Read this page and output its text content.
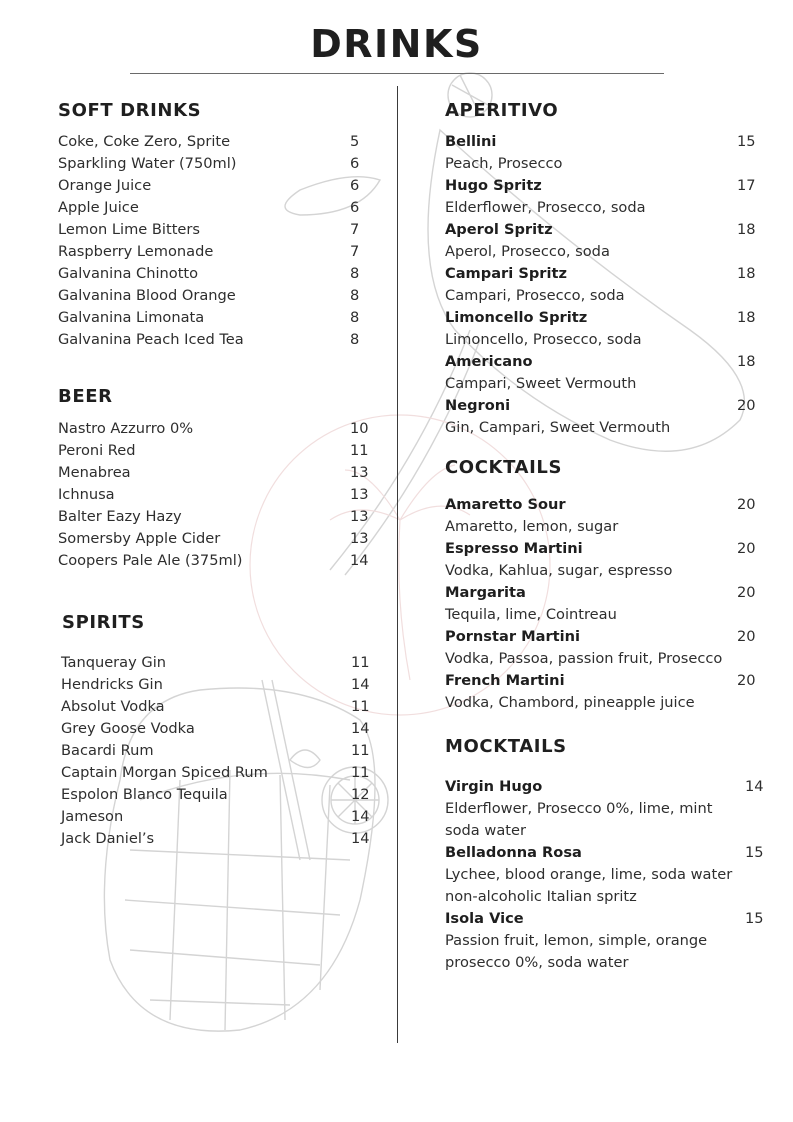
DRINKS
SOFT DRINKS
Coke, Coke Zero, Sprite	5
Sparkling Water (750ml)	6
Orange Juice	6
Apple Juice	6
Lemon Lime Bitters	7
Raspberry Lemonade	7
Galvanina Chinotto	8
Galvanina Blood Orange	8
Galvanina Limonata	8
Galvanina Peach Iced Tea	8
BEER
Nastro Azzurro 0%	10
Peroni Red	11
Menabrea	13
Ichnusa	13
Balter Eazy Hazy	13
Somersby Apple Cider	13
Coopers Pale Ale (375ml)	14
SPIRITS
Tanqueray Gin	11
Hendricks Gin	14
Absolut Vodka	11
Grey Goose Vodka	14
Bacardi Rum	11
Captain Morgan Spiced Rum	11
Espolon Blanco Tequila	12
Jameson	14
Jack Daniel’s	14
APERITIVO
Bellini	15
Peach, Prosecco
Hugo Spritz	17
Elderflower, Prosecco, soda
Aperol Spritz	18
Aperol, Prosecco, soda
Campari Spritz	18
Campari, Prosecco, soda
Limoncello Spritz	18
Limoncello, Prosecco, soda
Americano	18
Campari, Sweet Vermouth
Negroni	20
Gin, Campari, Sweet Vermouth
COCKTAILS
Amaretto Sour	20
Amaretto, lemon, sugar
Espresso Martini	20
Vodka, Kahlua, sugar, espresso
Margarita	20
Tequila, lime, Cointreau
Pornstar Martini	20
Vodka, Passoa, passion fruit, Prosecco
French Martini	20
Vodka, Chambord, pineapple juice
MOCKTAILS
Virgin Hugo	14
Elderflower, Prosecco 0%, lime, mint
soda water
Belladonna Rosa	15
Lychee, blood orange, lime, soda water
non-alcoholic Italian spritz
Isola Vice	15
Passion fruit, lemon, simple, orange
prosecco 0%, soda water
